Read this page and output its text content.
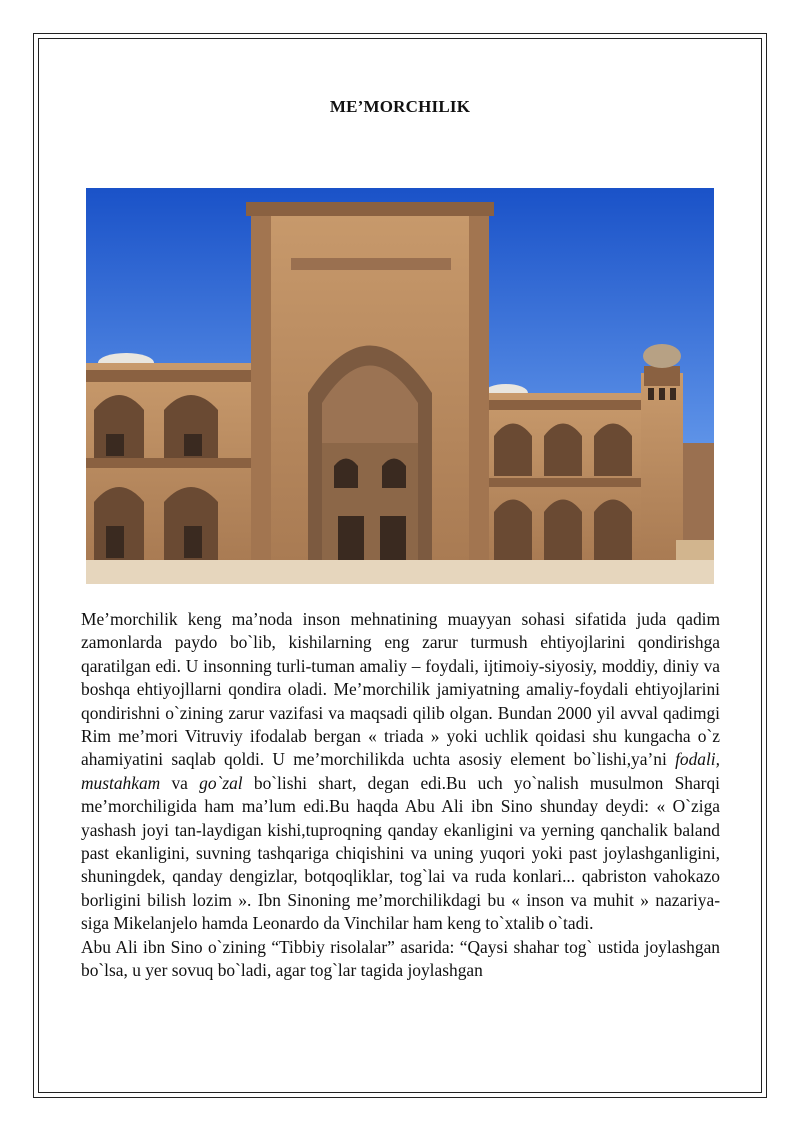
ME’MORCHILIK

Me’morchilik keng ma’noda inson mehnatining muayyan sohasi sifatida juda qadim zamonlarda paydo bo`lib, kishilarning eng zarur turmush ehtiyojlarini qondirishga qaratilgan edi. U insonning turli-tuman amaliy – foydali, ijtimoiy-siyosiy, moddiy, diniy va boshqa ehtiyojllarni qondira oladi. Me’morchilik jamiyatning amaliy-foydali ehtiyojlarini qondirishni o`zining zarur vazifasi va maqsadi qilib olgan. Bundan 2000 yil avval qadimgi Rim me’mori Vitruviy ifodalab bergan « triada » yoki uchlik qoidasi shu kungacha o`z ahamiyatini saqlab qoldi. U me’morchilikda uchta asosiy element bo`lishi,ya’ni fodali, mustahkam va go`zal bo`lishi shart, degan edi.Bu uch yo`nalish musulmon Sharqi me’morchiligida ham ma’lum edi.Bu haqda Abu Ali ibn Sino shunday deydi: « O`ziga yashash joyi tan-laydigan kishi,tuproqning qanday ekanligini va yerning qanchalik baland past ekanligini, suvning tashqariga chiqishini va uning yuqori yoki past joylashganligini, shuningdek, qanday dengizlar, botqoqliklar, tog`lai va ruda konlari... qabriston vahokazo borligini bilish lozim ». Ibn Sinoning me’morchilikdagi bu « inson va muhit » nazariya-siga Mikelanjelo hamda Leonardo da Vinchilar ham keng to`xtalib o`tadi.

Abu Ali ibn Sino o`zining “Tibbiy risolalar” asarida: “Qaysi shahar tog` ustida joylashgan bo`lsa, u yer sovuq bo`ladi, agar tog`lar tagida joylashgan
